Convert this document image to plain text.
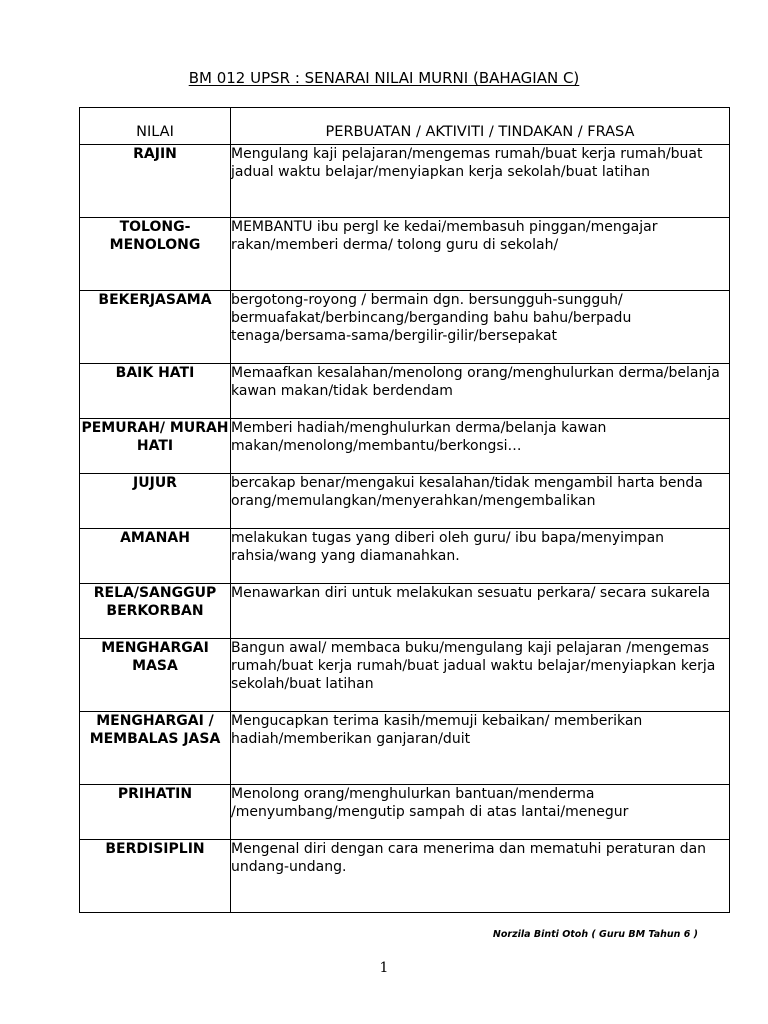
BM 012 UPSR : SENARAI NILAI MURNI (BAHAGIAN C)
NILAI	PERBUATAN / AKTIVITI / TINDAKAN / FRASA
RAJIN	Mengulang kaji pelajaran/mengemas rumah/buat kerja rumah/buat jadual waktu belajar/menyiapkan kerja sekolah/buat latihan
TOLONG-MENOLONG	MEMBANTU ibu pergl ke kedai/membasuh pinggan/mengajar rakan/memberi derma/ tolong guru di sekolah/
BEKERJASAMA	bergotong-royong / bermain dgn. bersungguh-sungguh/ bermuafakat/berbincang/berganding bahu bahu/berpadu tenaga/bersama-sama/bergilir-gilir/bersepakat
BAIK HATI	Memaafkan kesalahan/menolong orang/menghulurkan derma/belanja kawan makan/tidak berdendam
PEMURAH/ MURAH HATI	Memberi hadiah/menghulurkan derma/belanja kawan makan/menolong/membantu/berkongsi…
JUJUR	bercakap benar/mengakui kesalahan/tidak mengambil harta benda orang/memulangkan/menyerahkan/mengembalikan
AMANAH	melakukan tugas yang diberi oleh guru/ ibu bapa/menyimpan rahsia/wang yang diamanahkan.
RELA/SANGGUP BERKORBAN	Menawarkan diri untuk melakukan sesuatu perkara/ secara sukarela
MENGHARGAI MASA	Bangun awal/ membaca buku/mengulang kaji pelajaran /mengemas rumah/buat kerja rumah/buat jadual waktu belajar/menyiapkan kerja sekolah/buat latihan
MENGHARGAI / MEMBALAS JASA	Mengucapkan terima kasih/memuji kebaikan/ memberikan hadiah/memberikan ganjaran/duit
PRIHATIN	Menolong orang/menghulurkan bantuan/menderma /menyumbang/mengutip sampah di atas lantai/menegur
BERDISIPLIN	Mengenal diri dengan cara menerima dan mematuhi peraturan dan undang-undang.
Norzila Binti Otoh ( Guru BM Tahun 6 )
1
